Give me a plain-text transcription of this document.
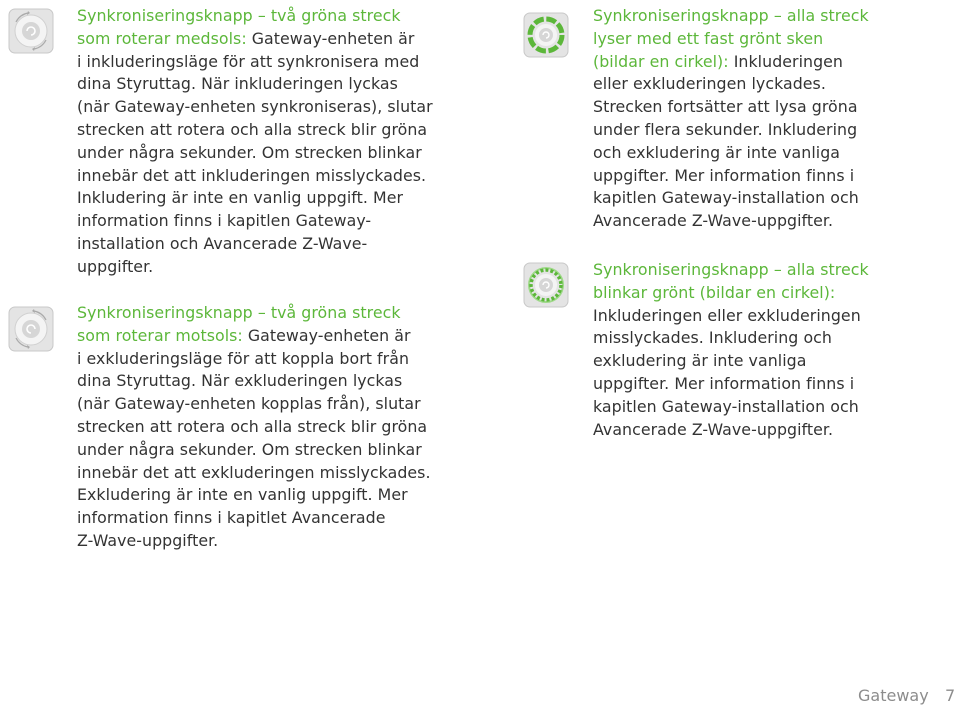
Synkroniseringsknapp – två gröna streck

som roterar medsols: Gateway-enheten är

i inkluderingsläge för att synkronisera med

dina Styruttag. När inkluderingen lyckas

(när Gateway-enheten synkroniseras), slutar

strecken att rotera och alla streck blir gröna

under några sekunder. Om strecken blinkar

innebär det att inkluderingen misslyckades.

Inkludering är inte en vanlig uppgift. Mer

information finns i kapitlen Gateway-

installation och Avancerade Z-Wave-

uppgifter.

Synkroniseringsknapp – två gröna streck

som roterar motsols: Gateway-enheten är

i exkluderingsläge för att koppla bort från

dina Styruttag. När exkluderingen lyckas

(när Gateway-enheten kopplas från), slutar

strecken att rotera och alla streck blir gröna

under några sekunder. Om strecken blinkar

innebär det att exkluderingen misslyckades.

Exkludering är inte en vanlig uppgift. Mer

information finns i kapitlet Avancerade

Z-Wave-uppgifter.

Synkroniseringsknapp – alla streck

lyser med ett fast grönt sken

(bildar en cirkel): Inkluderingen

eller exkluderingen lyckades.

Strecken fortsätter att lysa gröna

under flera sekunder. Inkludering

och exkludering är inte vanliga

uppgifter. Mer information finns i

kapitlen Gateway-installation och

Avancerade Z-Wave-uppgifter.

Synkroniseringsknapp – alla streck

blinkar grönt (bildar en cirkel):

Inkluderingen eller exkluderingen

misslyckades. Inkludering och

exkludering är inte vanliga

uppgifter. Mer information finns i

kapitlen Gateway-installation och

Avancerade Z-Wave-uppgifter.

Gateway 7
